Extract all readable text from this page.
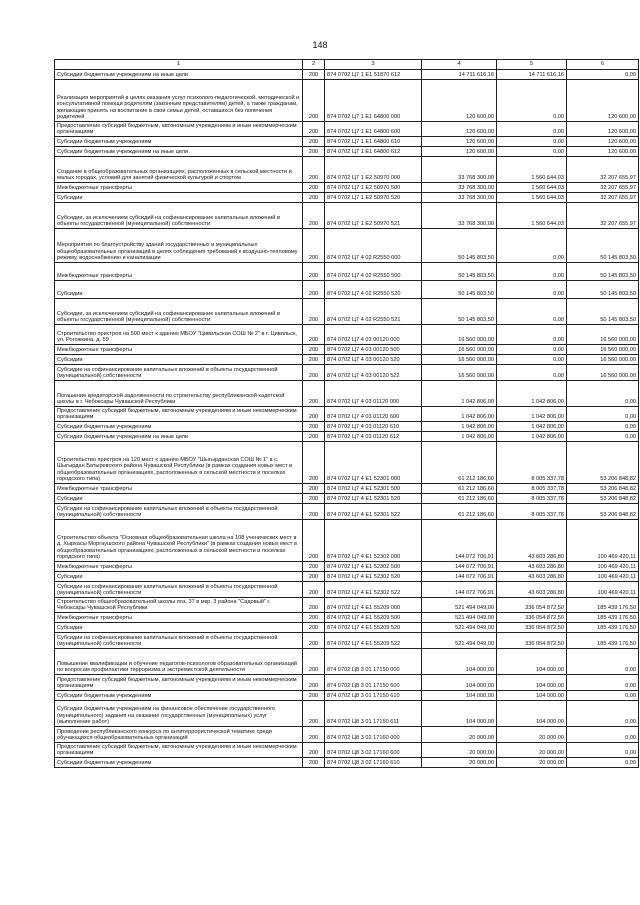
148
1	2	3	4	5	6
Субсидии бюджетным учреждениям на иные цели	200	874 0702 Ц7 1 Е1 51870 612	14 711 616,16	14 711 616,16	0,00
Реализация мероприятий в целях оказания услуг психолого-педагогической, методической и консультативной помощи родителям (законным представителям) детей, а также гражданам, желающим принять на воспитание в свои семьи детей, оставшихся без попечения родителей	200	874 0702 Ц7 1 Е1 64800 000	120 600,00	0,00	120 600,00
Предоставление субсидий бюджетным, автономным учреждениям и иным некоммерческим организациям	200	874 0702 Ц7 1 Е1 64800 600	120 600,00	0,00	120 600,00
Субсидии бюджетным учреждениям	200	874 0702 Ц7 1 Е1 64800 610	120 600,00	0,00	120 600,00
Субсидии бюджетным учреждениям на иные цели	200	874 0702 Ц7 1 Е1 64800 612	120 600,00	0,00	120 600,00
Создание в общеобразовательных организациях, расположенных в сельской местности и малых городах, условий для занятий физической культурой и спортом	200	874 0702 Ц7 1 Е2 50970 000	33 768 300,00	1 560 644,03	32 207 655,97
Межбюджетные трансферты	200	874 0702 Ц7 1 Е2 50970 500	33 768 300,00	1 560 644,03	32 207 655,97
Субсидии	200	874 0702 Ц7 1 Е2 50970 520	33 768 300,00	1 560 644,03	32 207 655,97
Субсидии, за исключением субсидий на софинансирование капитальных вложений в объекты государственной (муниципальной) собственности	200	874 0702 Ц7 1 Е2 50970 521	33 768 300,00	1 560 644,03	32 207 655,97
Мероприятия по благоустройству зданий государственных и муниципальных общеобразовательных организаций в целях соблюдения требований к воздушно-тепловому режиму, водоснабжению и канализации	200	874 0702 Ц7 4 02 R2550 000	50 145 803,50	0,00	50 145 803,50
Межбюджетные трансферты	200	874 0702 Ц7 4 02 R2550 500	50 145 803,50	0,00	50 145 803,50
Субсидии	200	874 0702 Ц7 4 02 R2550 520	50 145 803,50	0,00	50 145 803,50
Субсидии, за исключением субсидий на софинансирование капитальных вложений в объекты государственной (муниципальной) собственности	200	874 0702 Ц7 4 02 R2550 521	50 145 803,50	0,00	50 145 803,50
Строительство пристроя на 500 мест к зданию МБОУ "Цивильская СОШ № 2" в г. Цивильск, ул. Рогожкина, д. 59	200	874 0702 Ц7 4 03 00120 000	16 560 000,00	0,00	16 560 000,00
Межбюджетные трансферты	200	874 0702 Ц7 4 03 00120 500	16 560 000,00	0,00	16 560 000,00
Субсидии	200	874 0702 Ц7 4 03 00120 520	16 560 000,00	0,00	16 560 000,00
Субсидии на софинансирование капитальных вложений в объекты государственной (муниципальной) собственности	200	874 0702 Ц7 4 03 00120 522	16 560 000,00	0,00	16 560 000,00
Погашение кредиторской задолженности по строительству республиканской кадетской школы в г. Чебоксары Чувашской Республики	200	874 0702 Ц7 4 03 01120 000	1 042 806,00	1 042 806,00	0,00
Предоставление субсидий бюджетным, автономным учреждениям и иным некоммерческим организациям	200	874 0702 Ц7 4 03 01120 600	1 042 806,00	1 042 806,00	0,00
Субсидии бюджетным учреждениям	200	874 0702 Ц7 4 03 01120 610	1 042 806,00	1 042 806,00	0,00
Субсидии бюджетным учреждениям на иные цели	200	874 0702 Ц7 4 03 01120 612	1 042 806,00	1 042 806,00	0,00
Строительство пристроя на 120 мест к зданию МБОУ "Шыгырданская СОШ № 1" в с. Шыгырдан Батыревского района Чувашской Республики (в рамках создания новых мест в общеобразовательных организациях, расположенных в сельской местности и поселках городского типа)	200	874 0702 Ц7 4 Е1 52301 000	61 212 186,60	8 005 337,78	53 206 848,82
Межбюджетные трансферты	200	874 0702 Ц7 4 Е1 52301 500	61 212 186,60	8 005 337,78	53 206 848,82
Субсидии	200	874 0702 Ц7 4 Е1 52301 520	61 212 186,60	8 005 337,78	53 206 848,82
Субсидии на софинансирование капитальных вложений в объекты государственной (муниципальной) собственности	200	874 0702 Ц7 4 Е1 52301 522	61 212 186,60	8 005 337,78	53 206 848,82
Строительство объекта "Основная общеобразовательная школа на 108 ученических мест в д. Хыркасы Моргаушского района Чувашской Республики" (в рамках создания новых мест в общеобразовательных организациях, расположенных в сельской местности и поселках городского типа)	200	874 0702 Ц7 4 Е1 52302 000	144 072 706,91	43 603 286,80	100 469 420,11
Межбюджетные трансферты	200	874 0702 Ц7 4 Е1 52302 500	144 072 706,91	43 603 286,80	100 469 420,11
Субсидии	200	874 0702 Ц7 4 Е1 52302 520	144 072 706,91	43 603 286,80	100 469 420,11
Субсидии на софинансирование капитальных вложений в объекты государственной (муниципальной) собственности	200	874 0702 Ц7 4 Е1 52302 522	144 072 706,91	43 603 286,80	100 469 420,11
Строительство общеобразовательной школы поз. 37 в мкр. 3 района "Садовый" г. Чебоксары Чувашской Республики	200	874 0702 Ц7 4 Е1 55209 000	521 494 049,00	336 054 872,50	185 439 176,50
Межбюджетные трансферты	200	874 0702 Ц7 4 Е1 55209 500	521 494 049,00	336 054 872,50	185 439 176,50
Субсидии	200	874 0702 Ц7 4 Е1 55209 520	521 494 049,00	336 054 872,50	185 439 176,50
Субсидии на софинансирование капитальных вложений в объекты государственной (муниципальной) собственности	200	874 0702 Ц7 4 Е1 55209 522	521 494 049,00	336 054 872,50	185 439 176,50
Повышение квалификации и обучение педагогов-психологов образовательных организаций по вопросам профилактики терроризма и экстремистской деятельности	200	874 0702 Ц8 3 01 17150 000	104 000,00	104 000,00	0,00
Предоставление субсидий бюджетным, автономным учреждениям и иным некоммерческим организациям	200	874 0702 Ц8 3 01 17150 600	104 000,00	104 000,00	0,00
Субсидии бюджетным учреждениям	200	874 0702 Ц8 3 01 17150 610	104 000,00	104 000,00	0,00
Субсидии бюджетным учреждениям на финансовое обеспечение государственного (муниципального) задания на оказание государственных (муниципальных) услуг (выполнение работ)	200	874 0702 Ц8 3 01 17150 611	104 000,00	104 000,00	0,00
Проведение республиканского конкурса по антитеррористической тематике среди обучающихся общеобразовательных организаций	200	874 0702 Ц8 3 02 17160 000	20 000,00	20 000,00	0,00
Предоставление субсидий бюджетным, автономным учреждениям и иным некоммерческим организациям	200	874 0702 Ц8 3 02 17160 600	20 000,00	20 000,00	0,00
Субсидии бюджетным учреждениям	200	874 0702 Ц8 3 02 17160 610	20 000,00	20 000,00	0,00
